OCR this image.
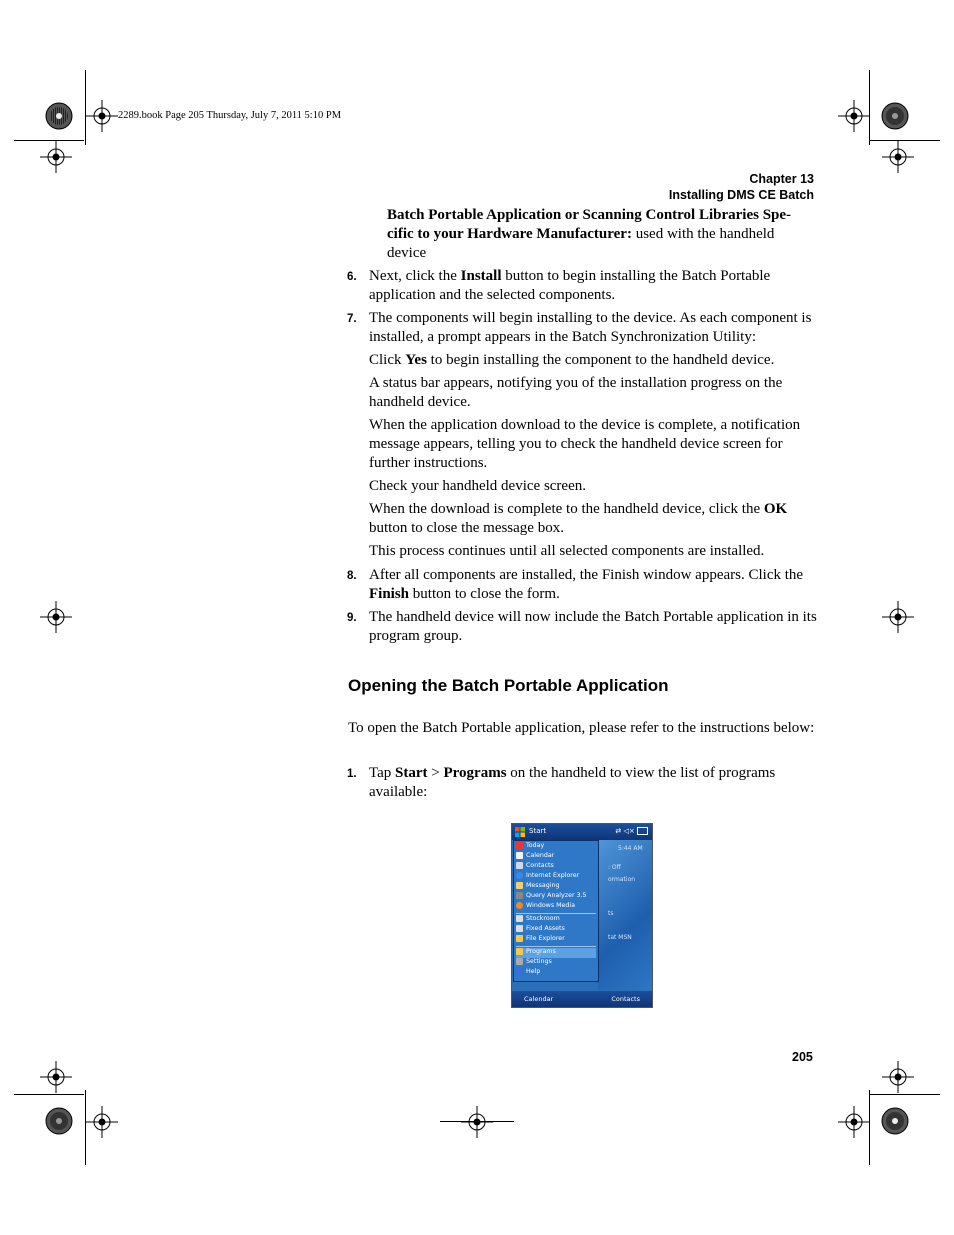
2289.book Page 205 Thursday, July 7, 2011 5:10 PM
Chapter 13
Installing DMS CE Batch
Batch Portable Application or Scanning Control Libraries Spe-cific to your Hardware Manufacturer: used with the handheld device
6. Next, click the Install button to begin installing the Batch Portable application and the selected components.

7. The components will begin installing to the device. As each component is installed, a prompt appears in the Batch Synchronization Utility:

Click Yes to begin installing the component to the handheld device.

A status bar appears, notifying you of the installation progress on the handheld device.

When the application download to the device is complete, a notification message appears, telling you to check the handheld device screen for further instructions.

Check your handheld device screen.

When the download is complete to the handheld device, click the OK button to close the message box.

This process continues until all selected components are installed.

8. After all components are installed, the Finish window appears. Click the Finish button to close the form.

9. The handheld device will now include the Batch Portable application in its program group.

Opening the Batch Portable Application
To open the Batch Portable application, please refer to the instructions below:
1. Tap Start > Programs on the handheld to view the list of programs available:
Start	⇄ ◁×
5:44 AM
: Off
ormation
ts
tat MSN
Today
Calendar
Contacts
Internet Explorer
Messaging
Query Analyzer 3.5
Windows Media
Stockroom
Fixed Assets
File Explorer
Programs
Settings
Help
Calendar	Contacts
205
